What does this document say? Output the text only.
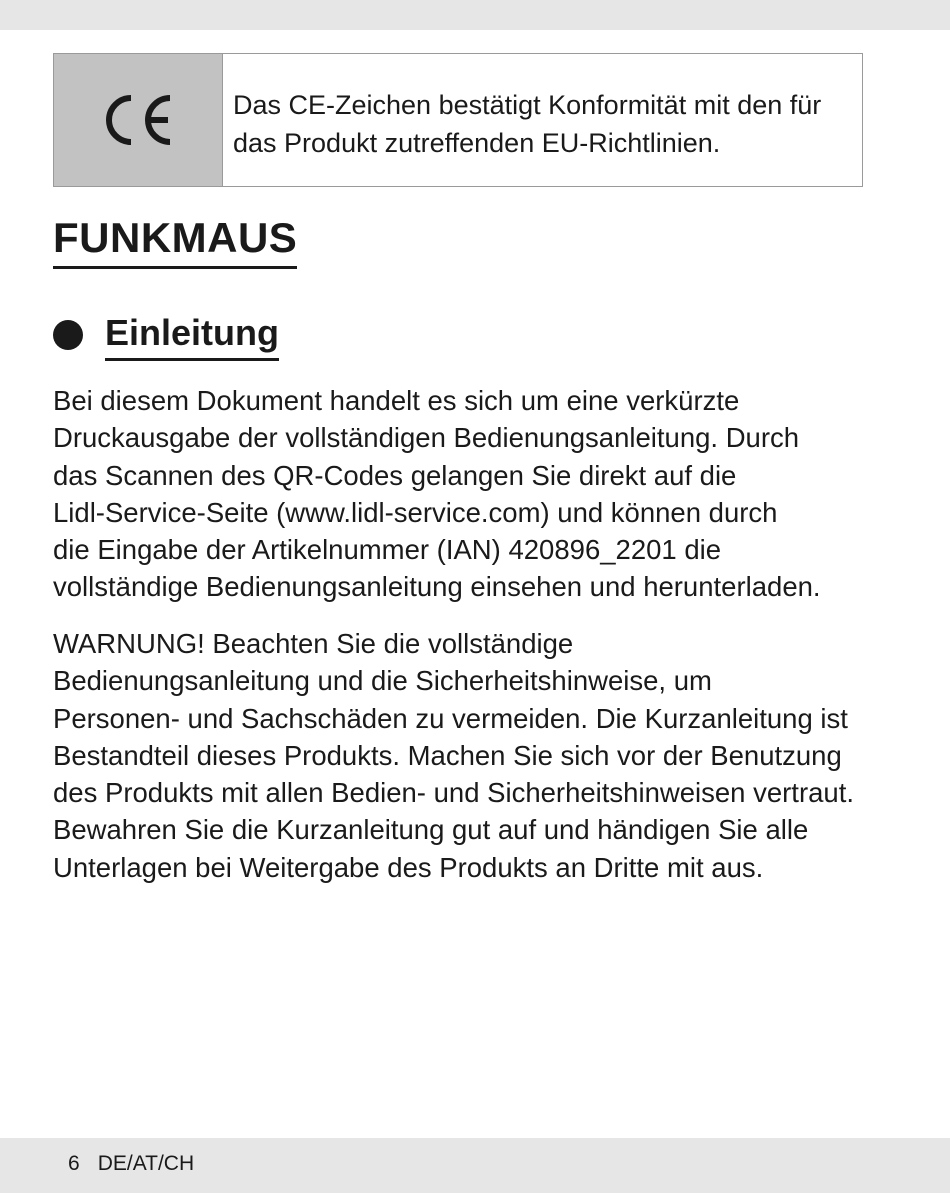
Das CE-Zeichen bestätigt Konformität mit den für
das Produkt zutreffenden EU-Richtlinien.
FUNKMAUS
Einleitung

Bei diesem Dokument handelt es sich um eine verkürzte
Druckausgabe der vollständigen Bedienungsanleitung. Durch
das Scannen des QR-Codes gelangen Sie direkt auf die
Lidl-Service-Seite (www.lidl-service.com) und können durch
die Eingabe der Artikelnummer (IAN) 420896_2201 die
vollständige Bedienungsanleitung einsehen und herunterladen.

WARNUNG! Beachten Sie die vollständige
Bedienungsanleitung und die Sicherheitshinweise, um
Personen- und Sachschäden zu vermeiden. Die Kurzanleitung ist
Bestandteil dieses Produkts. Machen Sie sich vor der Benutzung
des Produkts mit allen Bedien- und Sicherheitshinweisen vertraut.
Bewahren Sie die Kurzanleitung gut auf und händigen Sie alle
Unterlagen bei Weitergabe des Produkts an Dritte mit aus.

6 DE/AT/CH
